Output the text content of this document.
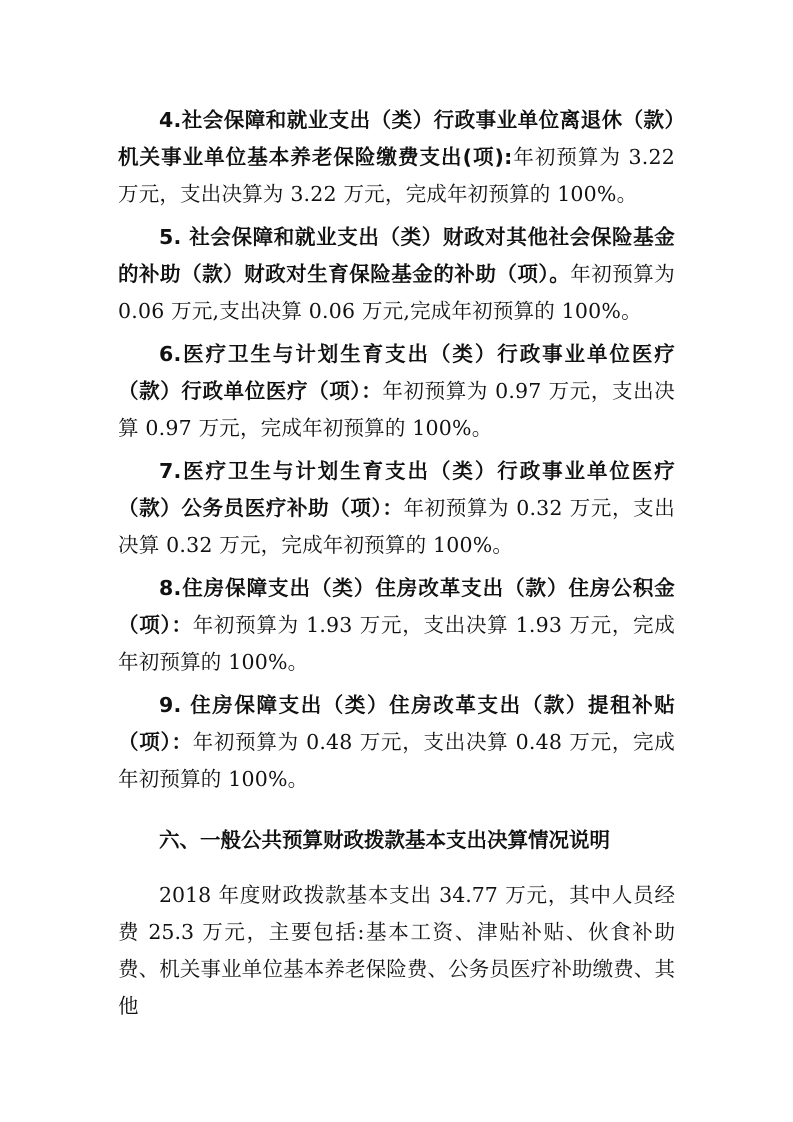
4.社会保障和就业支出（类）行政事业单位离退休（款）机关事业单位基本养老保险缴费支出(项):年初预算为 3.22 万元，支出决算为 3.22 万元，完成年初预算的 100%。

5. 社会保障和就业支出（类）财政对其他社会保险基金的补助（款）财政对生育保险基金的补助（项）。年初预算为 0.06 万元,支出决算 0.06 万元,完成年初预算的 100%。

6.医疗卫生与计划生育支出（类）行政事业单位医疗（款）行政单位医疗（项）：年初预算为 0.97 万元，支出决算 0.97 万元，完成年初预算的 100%。

7.医疗卫生与计划生育支出（类）行政事业单位医疗（款）公务员医疗补助（项）：年初预算为 0.32 万元，支出决算 0.32 万元，完成年初预算的 100%。

8.住房保障支出（类）住房改革支出（款）住房公积金（项）：年初预算为 1.93 万元，支出决算 1.93 万元，完成年初预算的 100%。

9. 住房保障支出（类）住房改革支出（款）提租补贴（项）：年初预算为 0.48 万元，支出决算 0.48 万元，完成年初预算的 100%。

六、一般公共预算财政拨款基本支出决算情况说明

2018 年度财政拨款基本支出 34.77 万元，其中人员经费 25.3 万元，主要包括:基本工资、津贴补贴、伙食补助费、机关事业单位基本养老保险费、公务员医疗补助缴费、其他
